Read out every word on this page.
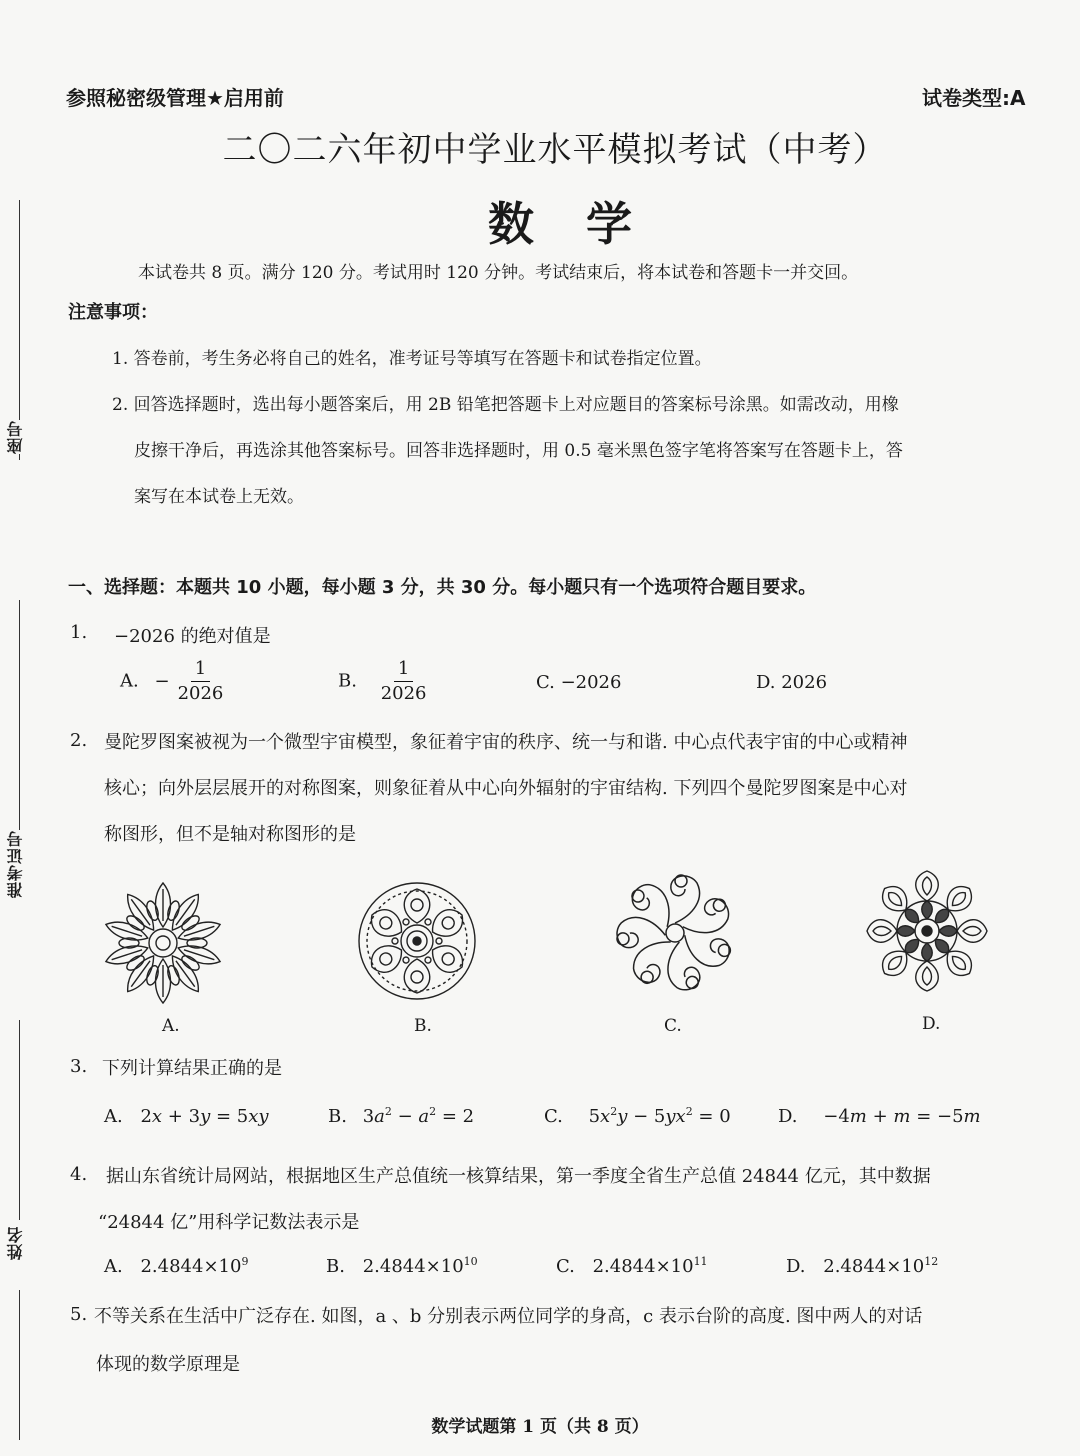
座号
准考证号
姓名
参照秘密级管理★启用前	试卷类型:A
二〇二六年初中学业水平模拟考试（中考）
数 学
本试卷共 8 页。满分 120 分。考试用时 120 分钟。考试结束后，将本试卷和答题卡一并交回。
注意事项：
1. 答卷前，考生务必将自己的姓名，准考证号等填写在答题卡和试卷指定位置。
2. 回答选择题时，选出每小题答案后，用 2B 铅笔把答题卡上对应题目的答案标号涂黑。如需改动，用橡
皮擦干净后，再选涂其他答案标号。回答非选择题时，用 0.5 毫米黑色签字笔将答案写在答题卡上，答
案写在本试卷上无效。
一、选择题：本题共 10 小题，每小题 3 分，共 30 分。每小题只有一个选项符合题目要求。
1. −2026 的绝对值是
A. − $\frac{1}{2026}$	B. $\frac{1}{2026}$	C. −2026	D. 2026
2. 曼陀罗图案被视为一个微型宇宙模型，象征着宇宙的秩序、统一与和谐. 中心点代表宇宙的中心或精神
核心；向外层层展开的对称图案，则象征着从中心向外辐射的宇宙结构. 下列四个曼陀罗图案是中心对
称图形，但不是轴对称图形的是
A.	B.	C.	D.
3. 下列计算结果正确的是
A. 2x + 3y = 5xy	B. $3a^2 - a^2 = 2$	C. $5x^2y - 5yx^2 = 0$	D. −4m + m = −5m
4. 据山东省统计局网站，根据地区生产总值统一核算结果，第一季度全省生产总值 24844 亿元，其中数据
“24844 亿”用科学记数法表示是
A. $2.4844\times 10^9$	B. $2.4844\times 10^{10}$	C. $2.4844\times 10^{11}$	D. $2.4844\times 10^{12}$
5. 不等关系在生活中广泛存在. 如图，a 、b 分别表示两位同学的身高，c 表示台阶的高度. 图中两人的对话
体现的数学原理是
数学试题第 1 页（共 8 页）
